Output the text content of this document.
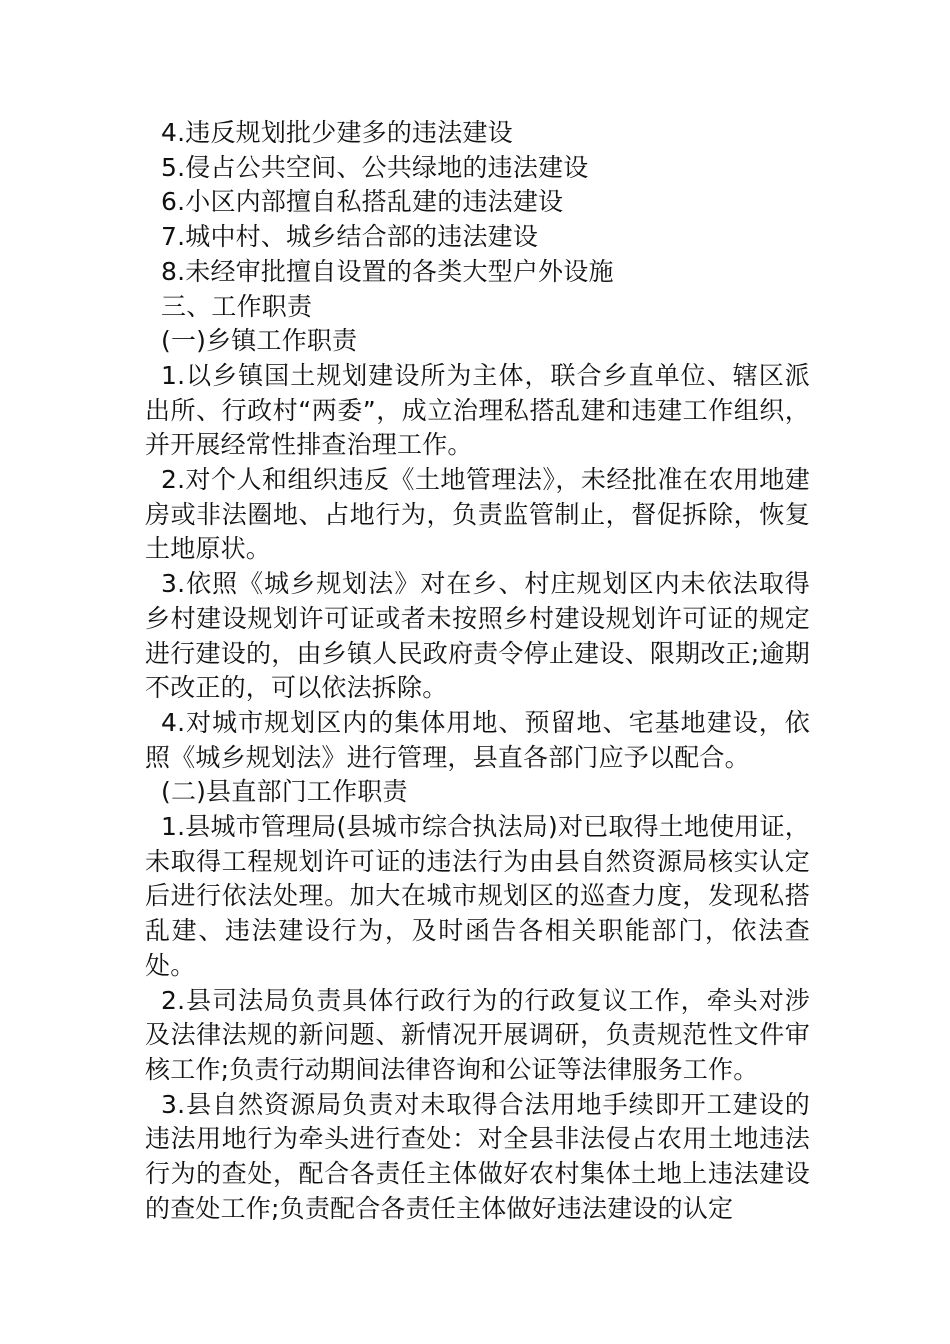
4.违反规划批少建多的违法建设

5.侵占公共空间、公共绿地的违法建设

6.小区内部擅自私搭乱建的违法建设

7.城中村、城乡结合部的违法建设

8.未经审批擅自设置的各类大型户外设施

三、工作职责

(一)乡镇工作职责

1.以乡镇国土规划建设所为主体，联合乡直单位、辖区派出所、行政村“两委”，成立治理私搭乱建和违建工作组织，并开展经常性排查治理工作。

2.对个人和组织违反《土地管理法》，未经批准在农用地建房或非法圈地、占地行为，负责监管制止，督促拆除，恢复土地原状。

3.依照《城乡规划法》对在乡、村庄规划区内未依法取得乡村建设规划许可证或者未按照乡村建设规划许可证的规定进行建设的，由乡镇人民政府责令停止建设、限期改正;逾期不改正的，可以依法拆除。

4.对城市规划区内的集体用地、预留地、宅基地建设，依照《城乡规划法》进行管理，县直各部门应予以配合。

(二)县直部门工作职责

1.县城市管理局(县城市综合执法局)对已取得土地使用证，未取得工程规划许可证的违法行为由县自然资源局核实认定后进行依法处理。加大在城市规划区的巡查力度，发现私搭乱建、违法建设行为，及时函告各相关职能部门，依法查处。

2.县司法局负责具体行政行为的行政复议工作，牵头对涉及法律法规的新问题、新情况开展调研，负责规范性文件审核工作;负责行动期间法律咨询和公证等法律服务工作。

3.县自然资源局负责对未取得合法用地手续即开工建设的违法用地行为牵头进行查处：对全县非法侵占农用土地违法行为的查处，配合各责任主体做好农村集体土地上违法建设的查处工作;负责配合各责任主体做好违法建设的认定
